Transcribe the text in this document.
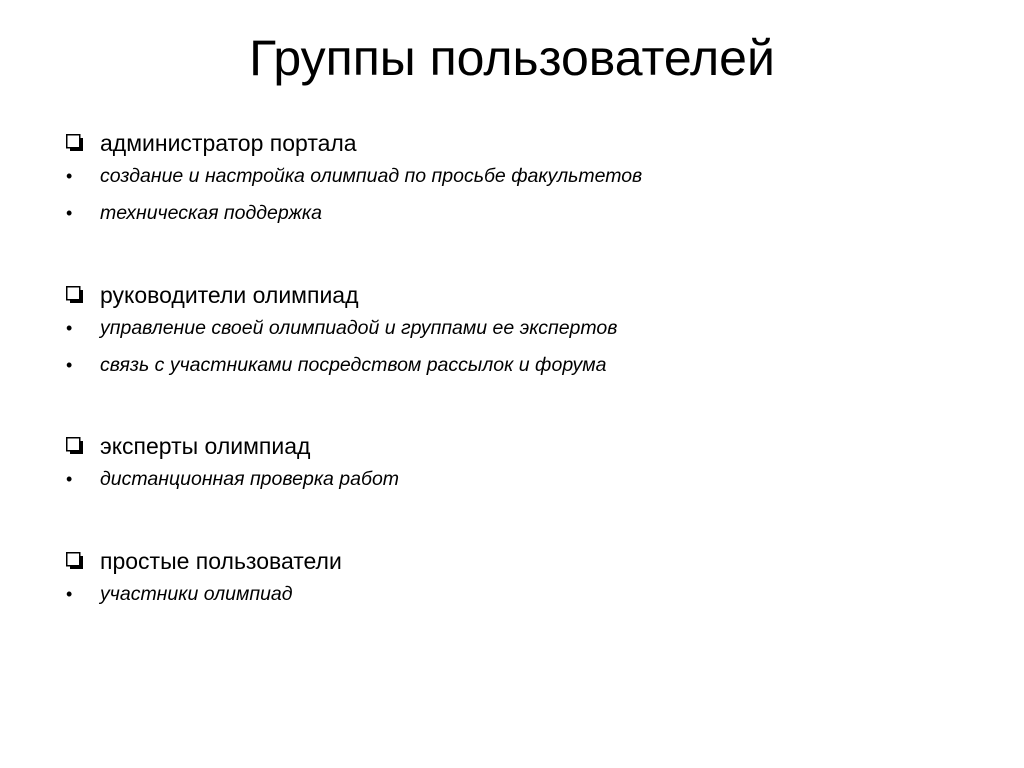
Группы пользователей
администратор портала
•	создание и настройка олимпиад по просьбе факультетов
•	техническая поддержка
руководители олимпиад
•	управление своей олимпиадой и группами ее экспертов
•	связь с участниками посредством рассылок и форума
эксперты олимпиад
•	дистанционная проверка работ
простые пользователи
•	участники олимпиад
